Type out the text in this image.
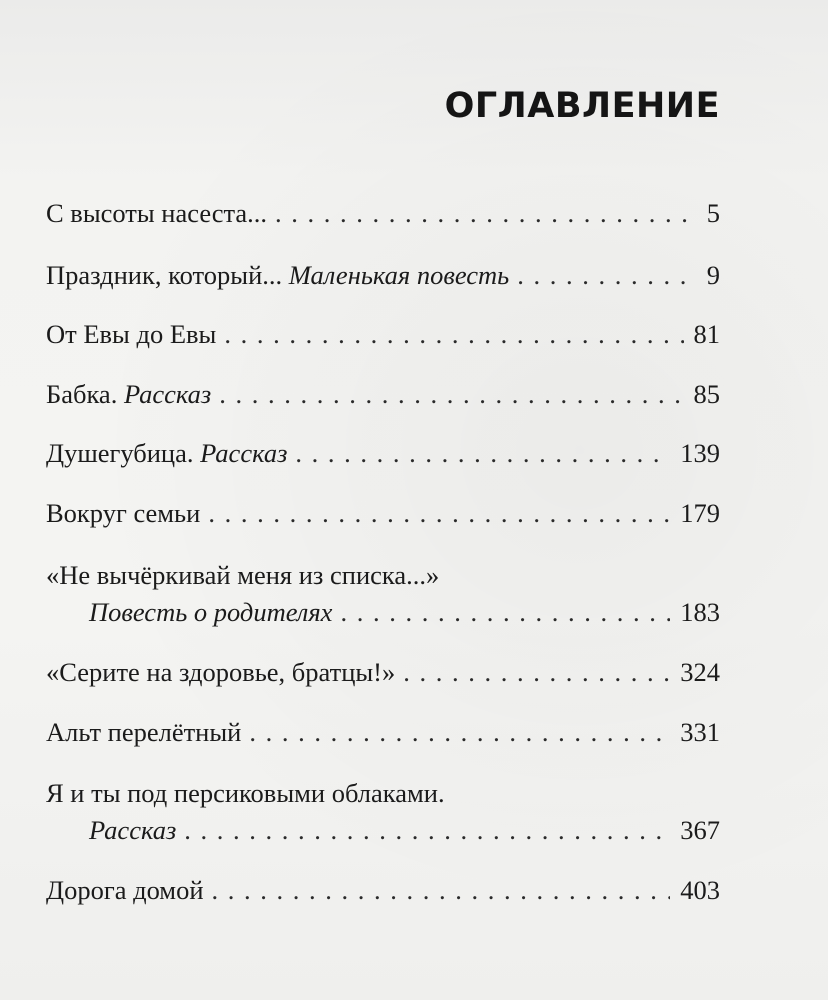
ОГЛАВЛЕНИЕ
С высоты насеста... . . .	5
Праздник, который... Маленькая повесть . . .	9
От Евы до Евы . . .	81
Бабка. Рассказ . . .	85
Душегубица. Рассказ . . .	139
Вокруг семьи . . .	179
«Не вычёркивай меня из списка...»
Повесть о родителях . . .	183
«Серите на здоровье, братцы!» . . .	324
Альт перелётный . . .	331
Я и ты под персиковыми облаками.
Рассказ . . .	367
Дорога домой . . .	403
